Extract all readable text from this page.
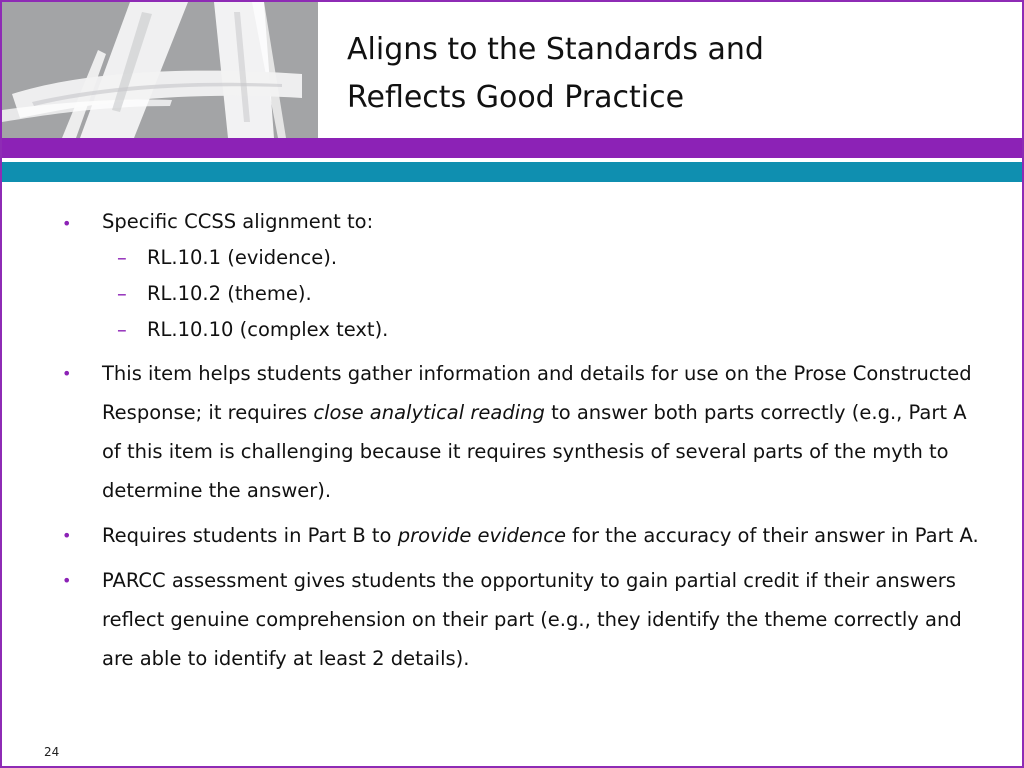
Aligns to the Standards and
Reflects Good Practice
• Specific CCSS alignment to:
– RL.10.1 (evidence).
– RL.10.2 (theme).
– RL.10.10 (complex text).
• This item helps students gather information and details for use on the Prose Constructed Response; it requires close analytical reading to answer both parts correctly (e.g., Part A of this item is challenging because it requires synthesis of several parts of the myth to determine the answer).
• Requires students in Part B to provide evidence for the accuracy of their answer in Part A.
• PARCC assessment gives students the opportunity to gain partial credit if their answers reflect genuine comprehension on their part (e.g., they identify the theme correctly and are able to identify at least 2 details).
24
